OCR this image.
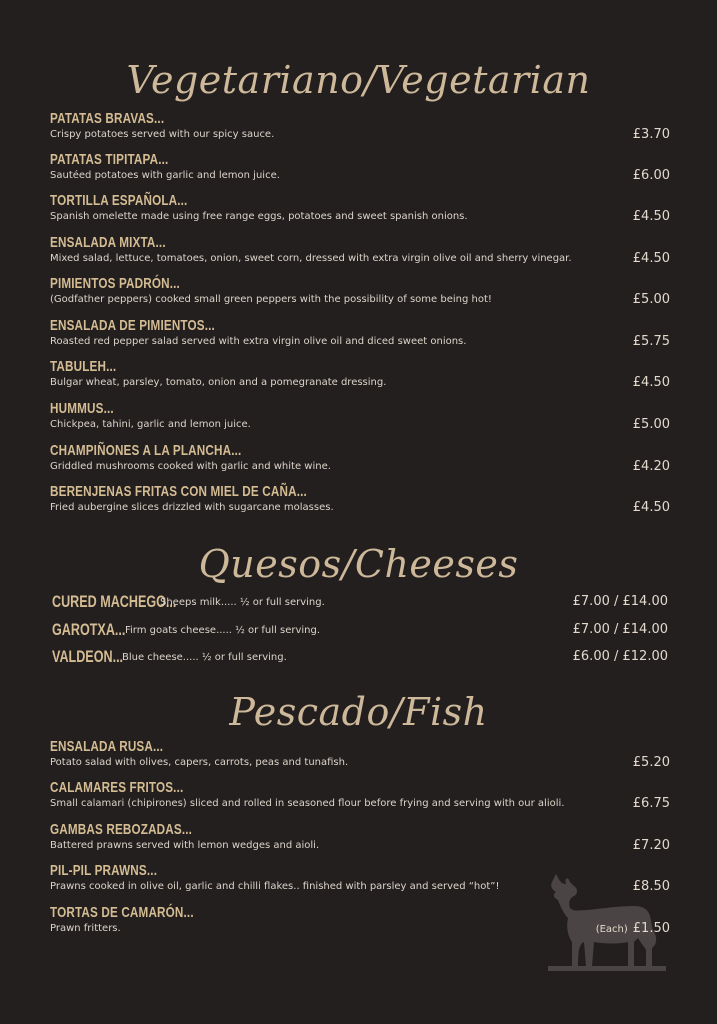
Vegetariano/Vegetarian
PATATAS BRAVAS...
Crispy potatoes served with our spicy sauce.	£3.70
PATATAS TIPITAPA...
Sautéed potatoes with garlic and lemon juice.	£6.00
TORTILLA ESPAÑOLA...
Spanish omelette made using free range eggs, potatoes and sweet spanish onions.	£4.50
ENSALADA MIXTA...
Mixed salad, lettuce, tomatoes, onion, sweet corn, dressed with extra virgin olive oil and sherry vinegar.	£4.50
PIMIENTOS PADRÓN...
(Godfather peppers) cooked small green peppers with the possibility of some being hot!	£5.00
ENSALADA DE PIMIENTOS...
Roasted red pepper salad served with extra virgin olive oil and diced sweet onions.	£5.75
TABULEH...
Bulgar wheat, parsley, tomato, onion and a pomegranate dressing.	£4.50
HUMMUS...
Chickpea, tahini, garlic and lemon juice.	£5.00
CHAMPIÑONES A LA PLANCHA...
Griddled mushrooms cooked with garlic and white wine.	£4.20
BERENJENAS FRITAS CON MIEL DE CAÑA...
Fried aubergine slices drizzled with sugarcane molasses.	£4.50
Quesos/Cheeses
CURED MACHEGO...
Sheeps milk..... ½ or full serving.	£7.00 / £14.00
GAROTXA... Firm goats cheese..... ½ or full serving.	£7.00 / £14.00
VALDEON...
Blue cheese..... ½ or full serving.	£6.00 / £12.00
Pescado/Fish
ENSALADA RUSA...
Potato salad with olives, capers, carrots, peas and tunafish.	£5.20
CALAMARES FRITOS...
Small calamari (chipirones) sliced and rolled in seasoned flour before frying and serving with our alioli.	£6.75
GAMBAS REBOZADAS...
Battered prawns served with lemon wedges and aioli.	£7.20
PIL-PIL PRAWNS...
Prawns cooked in olive oil, garlic and chilli flakes.. finished with parsley and served “hot”!	£8.50
TORTAS DE CAMARÓN...
Prawn fritters.	(Each) £1.50
